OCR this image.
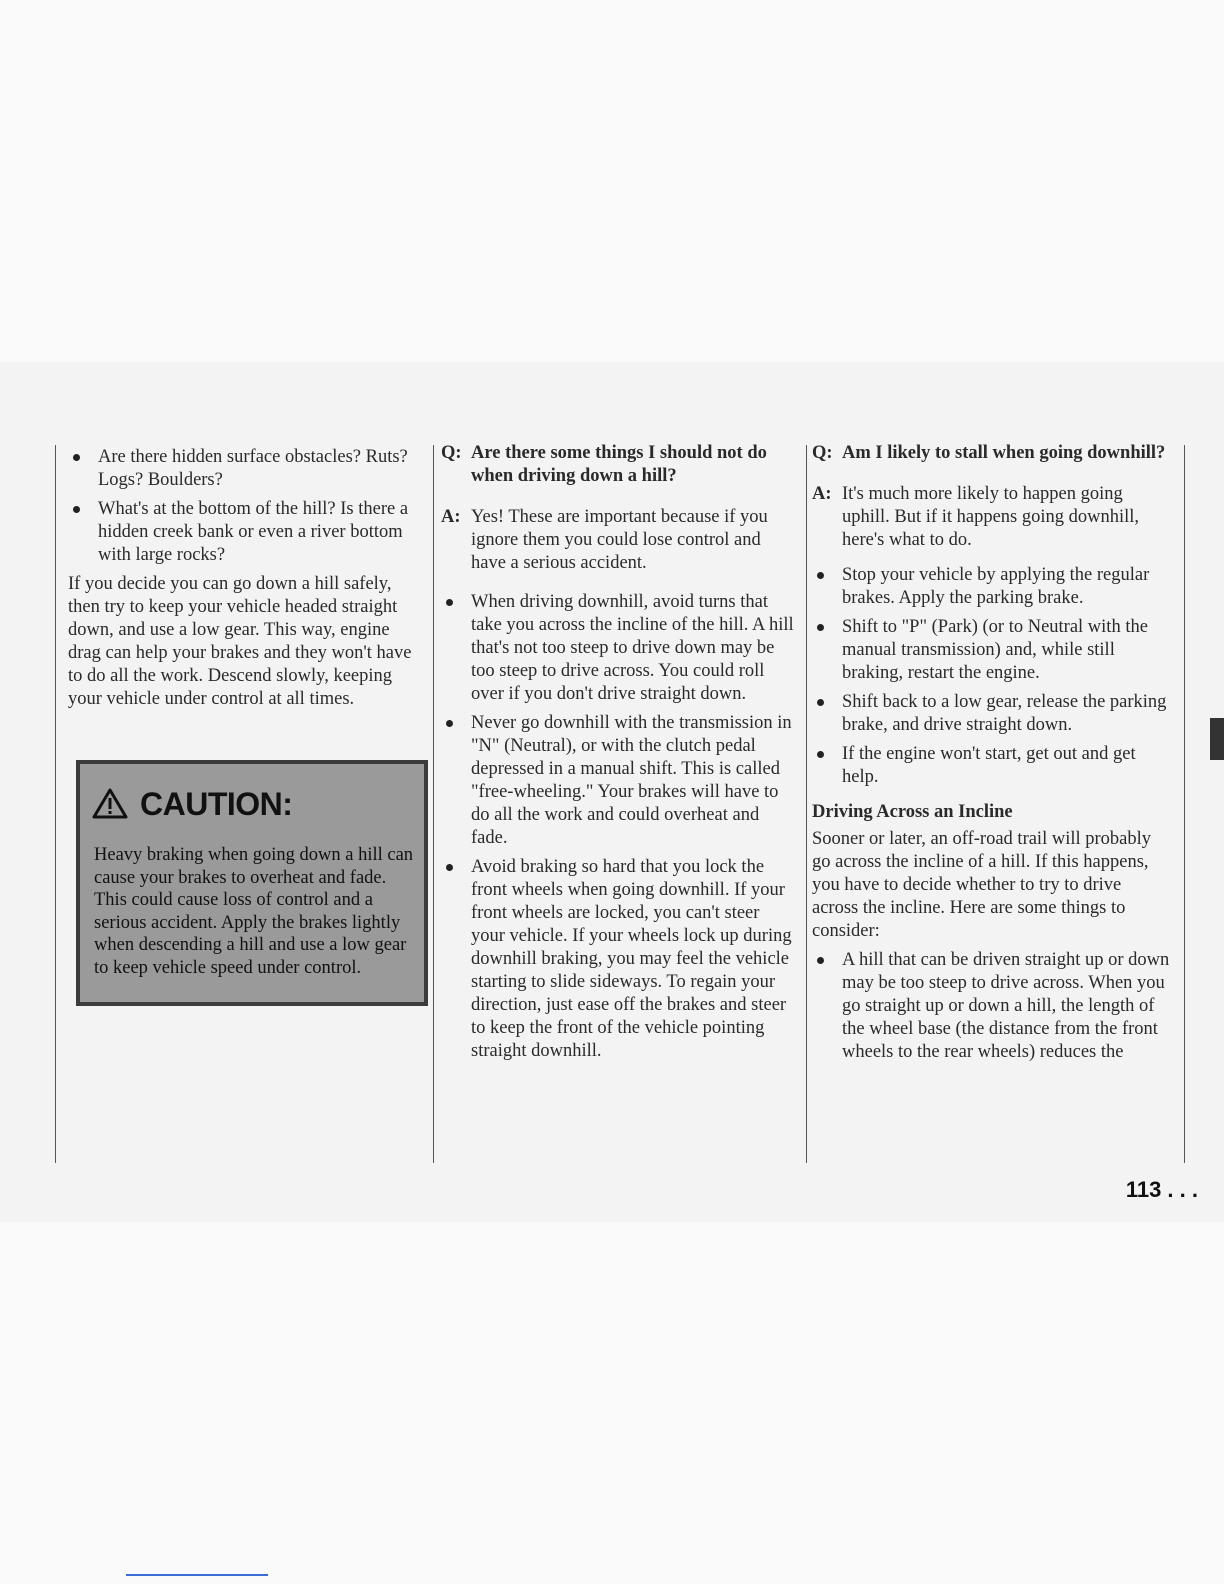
Are there hidden surface obstacles? Ruts? Logs? Boulders?

What's at the bottom of the hill? Is there a hidden creek bank or even a river bottom with large rocks?

If you decide you can go down a hill safely, then try to keep your vehicle headed straight down, and use a low gear. This way, engine drag can help your brakes and they won't have to do all the work. Descend slowly, keeping your vehicle under control at all times.

CAUTION:
Heavy braking when going down a hill can cause your brakes to overheat and fade. This could cause loss of control and a serious accident. Apply the brakes lightly when descending a hill and use a low gear to keep vehicle speed under control.

Q: Are there some things I should not do when driving down a hill?

A: Yes! These are important because if you ignore them you could lose control and have a serious accident.

When driving downhill, avoid turns that take you across the incline of the hill. A hill that's not too steep to drive down may be too steep to drive across. You could roll over if you don't drive straight down.

Never go downhill with the transmission in "N" (Neutral), or with the clutch pedal depressed in a manual shift. This is called "free-wheeling." Your brakes will have to do all the work and could overheat and fade.

Avoid braking so hard that you lock the front wheels when going downhill. If your front wheels are locked, you can't steer your vehicle. If your wheels lock up during downhill braking, you may feel the vehicle starting to slide sideways. To regain your direction, just ease off the brakes and steer to keep the front of the vehicle pointing straight downhill.

Q: Am I likely to stall when going downhill?

A: It's much more likely to happen going uphill. But if it happens going downhill, here's what to do.

Stop your vehicle by applying the regular brakes. Apply the parking brake.

Shift to "P" (Park) (or to Neutral with the manual transmission) and, while still braking, restart the engine.

Shift back to a low gear, release the parking brake, and drive straight down.

If the engine won't start, get out and get help.

Driving Across an Incline

Sooner or later, an off-road trail will probably go across the incline of a hill. If this happens, you have to decide whether to try to drive across the incline. Here are some things to consider:

A hill that can be driven straight up or down may be too steep to drive across. When you go straight up or down a hill, the length of the wheel base (the distance from the front wheels to the rear wheels) reduces the

113 . . .
